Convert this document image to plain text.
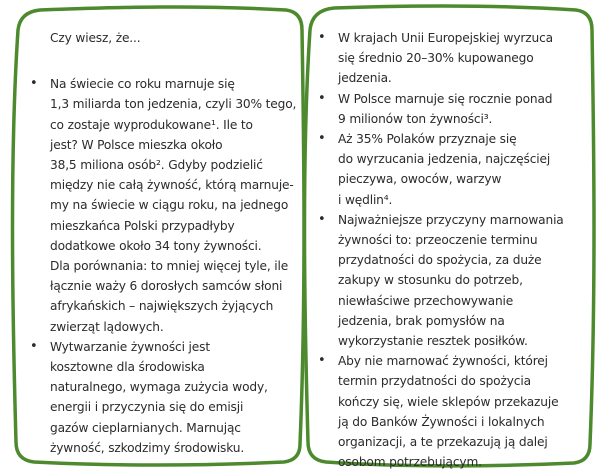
Czy wiesz, że...
• Na świecie co roku marnuje się
1,3 miliarda ton jedzenia, czyli 30% tego,
co zostaje wyprodukowane¹. Ile to
jest? W Polsce mieszka około
38,5 miliona osób². Gdyby podzielić
między nie całą żywność, którą marnuje-
my na świecie w ciągu roku, na jednego
mieszkańca Polski przypadłyby
dodatkowe około 34 tony żywności.
Dla porównania: to mniej więcej tyle, ile
łącznie waży 6 dorosłych samców słoni
afrykańskich – największych żyjących
zwierząt lądowych.
• Wytwarzanie żywności jest
kosztowne dla środowiska
naturalnego, wymaga zużycia wody,
energii i przyczynia się do emisji
gazów cieplarnianych. Marnując
żywność, szkodzimy środowisku.
• W krajach Unii Europejskiej wyrzuca
się średnio 20–30% kupowanego
jedzenia.
• W Polsce marnuje się rocznie ponad
9 milionów ton żywności³.
• Aż 35% Polaków przyznaje się
do wyrzucania jedzenia, najczęściej
pieczywa, owoców, warzyw
i wędlin⁴.
• Najważniejsze przyczyny marnowania
żywności to: przeoczenie terminu
przydatności do spożycia, za duże
zakupy w stosunku do potrzeb,
niewłaściwe przechowywanie
jedzenia, brak pomysłów na
wykorzystanie resztek posiłków.
• Aby nie marnować żywności, której
termin przydatności do spożycia
kończy się, wiele sklepów przekazuje
ją do Banków Żywności i lokalnych
organizacji, a te przekazują ją dalej
osobom potrzebującym.
